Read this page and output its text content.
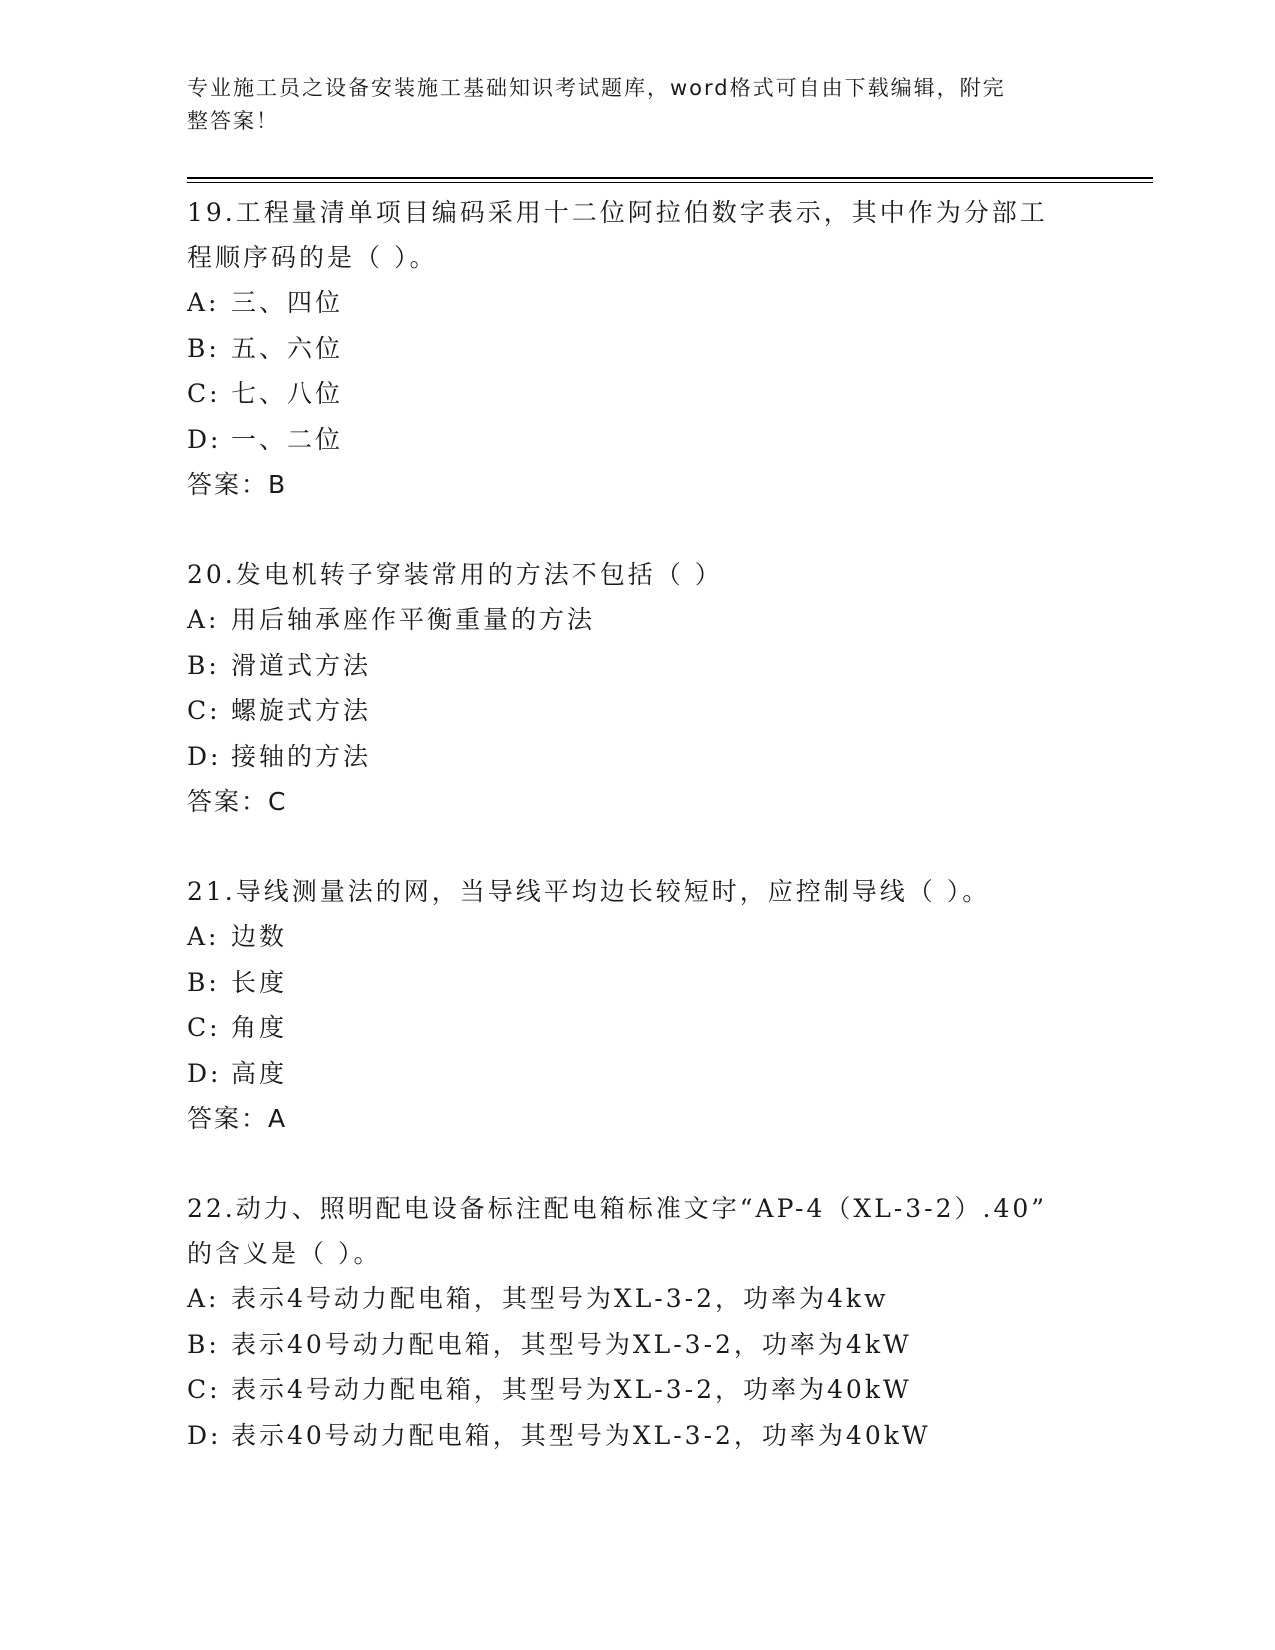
专业施工员之设备安装施工基础知识考试题库，word格式可自由下载编辑，附完
整答案！
19.工程量清单项目编码采用十二位阿拉伯数字表示，其中作为分部工
程顺序码的是（ ）。
A: 三、四位
B: 五、六位
C: 七、八位
D: 一、二位
答案：B
20.发电机转子穿装常用的方法不包括（ ）
A: 用后轴承座作平衡重量的方法
B: 滑道式方法
C: 螺旋式方法
D: 接轴的方法
答案：C
21.导线测量法的网，当导线平均边长较短时，应控制导线（ ）。
A: 边数
B: 长度
C: 角度
D: 高度
答案：A
22.动力、照明配电设备标注配电箱标准文字“AP-4（XL-3-2）.40”
的含义是（ ）。
A: 表示4号动力配电箱，其型号为XL-3-2，功率为4kw
B: 表示40号动力配电箱，其型号为XL-3-2，功率为4kW
C: 表示4号动力配电箱，其型号为XL-3-2，功率为40kW
D: 表示40号动力配电箱，其型号为XL-3-2，功率为40kW
